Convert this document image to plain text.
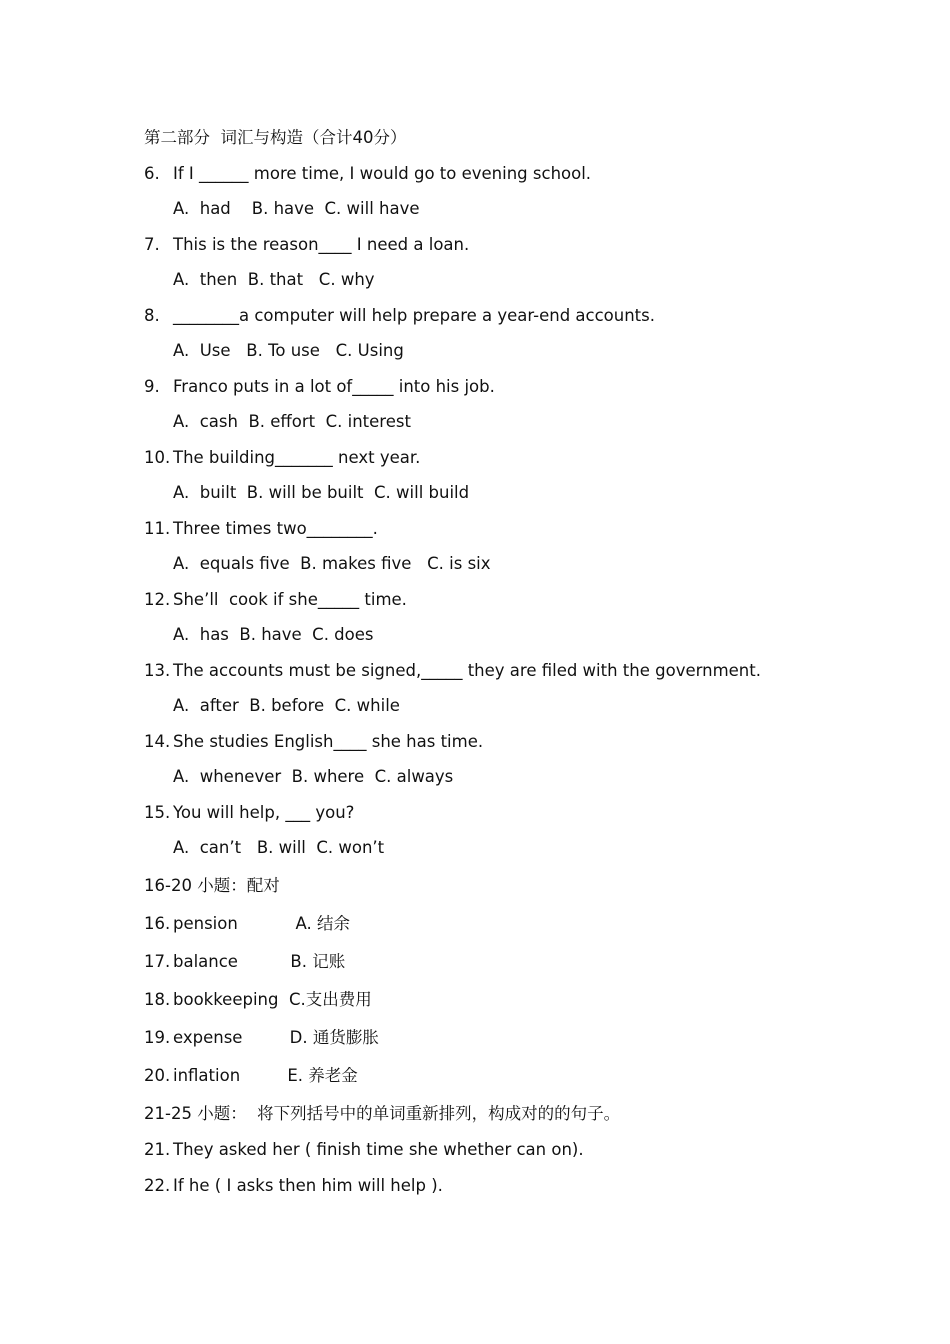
第二部分  词汇与构造（合计40分）
6. If I ______ more time, I would go to evening school.
A.  had    B. have  C. will have
7. This is the reason____ I need a loan.
A.  then  B. that   C. why
8. ________a computer will help prepare a year-end accounts.
A.  Use   B. To use   C. Using
9. Franco puts in a lot of_____ into his job.
A.  cash  B. effort  C. interest
10. The building_______ next year.
A.  built  B. will be built  C. will build
11. Three times two________.
A.  equals five  B. makes five   C. is six
12. She’ll  cook if she_____ time.
A.  has  B. have  C. does
13. The accounts must be signed,_____ they are filed with the government.
A.  after  B. before  C. while
14. She studies English____ she has time.
A.  whenever  B. where  C. always
15. You will help, ___ you?
A.  can’t   B. will  C. won’t
16-20 小题：配对
16. pension           A. 结余
17. balance          B. 记账
18. bookkeeping  C.支出费用
19. expense         D. 通货膨胀
20. inflation         E. 养老金
21-25 小题：  将下列括号中的单词重新排列，构成对的的句子。
21. They asked her ( finish time she whether can on).
22. If he ( I asks then him will help ).
